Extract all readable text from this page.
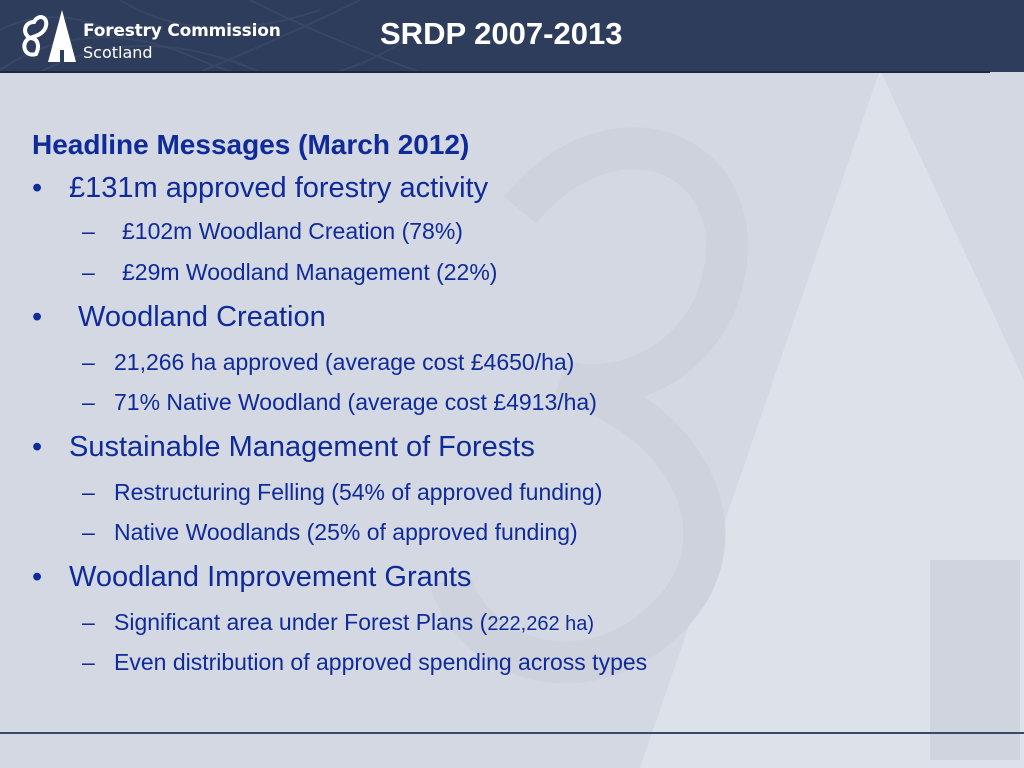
Forestry Commission
Scotland
SRDP 2007-2013
Headline Messages (March 2012)
• £131m approved forestry activity
– £102m Woodland Creation (78%)
– £29m Woodland Management (22%)
• Woodland Creation
– 21,266 ha approved (average cost £4650/ha)
– 71% Native Woodland (average cost £4913/ha)
• Sustainable Management of Forests
– Restructuring Felling (54% of approved funding)
– Native Woodlands (25% of approved funding)
• Woodland Improvement Grants
– Significant area under Forest Plans (222,262 ha)
– Even distribution of approved spending across types
